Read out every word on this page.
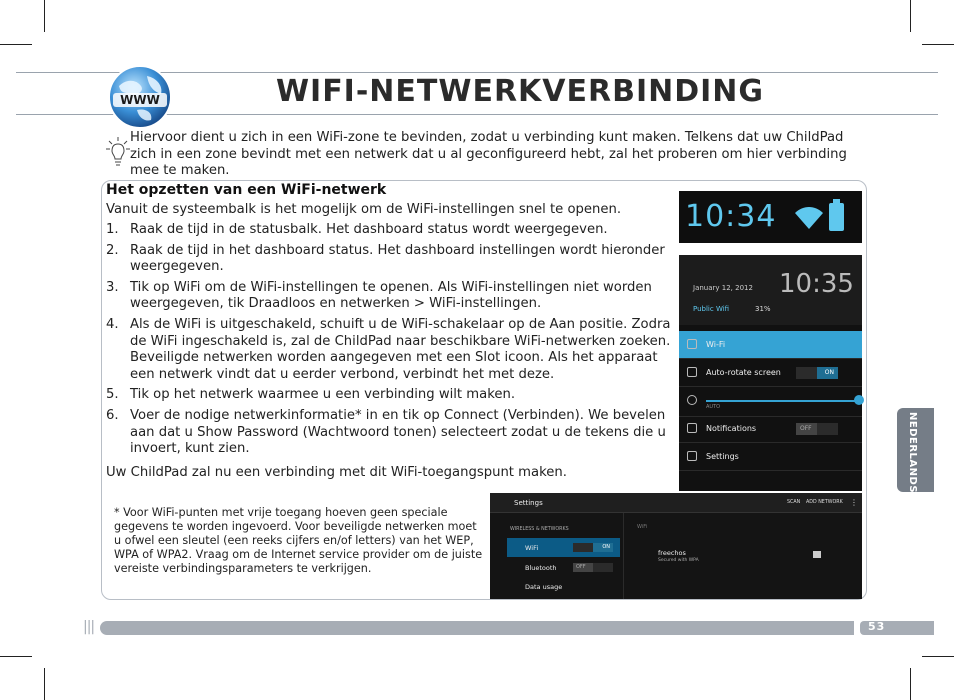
WWW	WIFI-NETWERKVERBINDING

Hiervoor dient u zich in een WiFi-zone te bevinden, zodat u verbinding kunt maken. Telkens dat uw ChildPad zich in een zone bevindt met een netwerk dat u al geconfigureerd hebt, zal het proberen om hier verbinding mee te maken.

Het opzetten van een WiFi-netwerk
Vanuit de systeembalk is het mogelijk om de WiFi-instellingen snel te openen.
1. Raak de tijd in de statusbalk. Het dashboard status wordt weergegeven.
2. Raak de tijd in het dashboard status. Het dashboard instellingen wordt hieronder weergegeven.
3. Tik op WiFi om de WiFi-instellingen te openen. Als WiFi-instellingen niet worden weergegeven, tik Draadloos en netwerken > WiFi-instellingen.
4. Als de WiFi is uitgeschakeld, schuift u de WiFi-schakelaar op de Aan positie. Zodra de WiFi ingeschakeld is, zal de ChildPad naar beschikbare WiFi-netwerken zoeken. Beveiligde netwerken worden aangegeven met een Slot icoon. Als het apparaat een netwerk vindt dat u eerder verbond, verbindt het met deze.
5. Tik op het netwerk waarmee u een verbinding wilt maken.
6. Voer de nodige netwerkinformatie* in en tik op Connect (Verbinden). We bevelen aan dat u Show Password (Wachtwoord tonen) selecteert zodat u de tekens die u invoert, kunt zien.
Uw ChildPad zal nu een verbinding met dit WiFi-toegangspunt maken.

* Voor WiFi-punten met vrije toegang hoeven geen speciale gegevens te worden ingevoerd. Voor beveiligde netwerken moet u ofwel een sleutel (een reeks cijfers en/of letters) van het WEP, WPA of WPA2. Vraag om de Internet service provider om de juiste vereiste verbindingsparameters te verkrijgen.

10:34
January 12, 2012 10:35
Public Wifi	31%
Wi-Fi
Auto-rotate screen	ON
AUTO
Notifications	OFF
Settings
Settings	SCAN ADD NETWORK ⋮
WIRELESS & NETWORKS
WiFi	ON
Bluetooth	OFF
Data usage
WiFi
freechos
Secured with WPA
NEDERLANDS
|||	53
